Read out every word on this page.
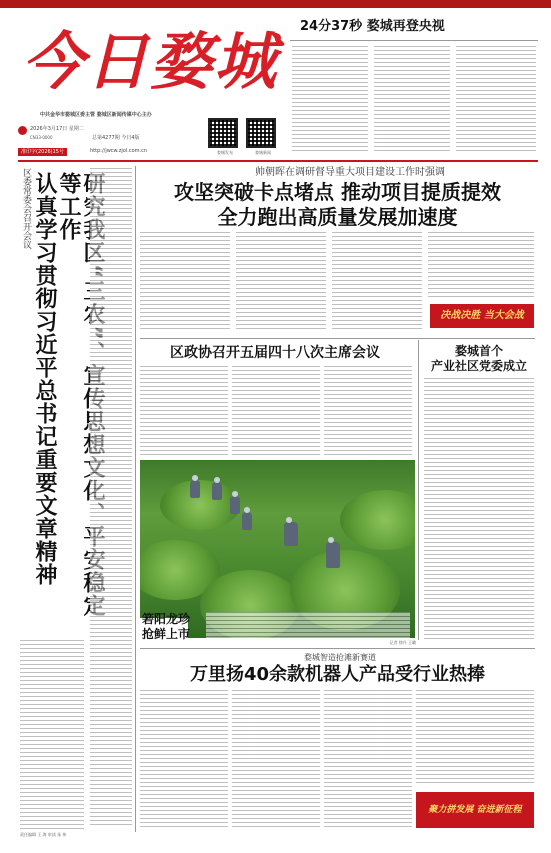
今日婺城
中共金华市婺城区委主管 婺城区新闻传媒中心主办
2026年3月17日 星期二
总第4277期 今日4版
CN33-0000
婺城发布	婺城新闻
准印字(2026)15号	http://jwcw.zjol.com.cn
24分37秒 婺城再登央视
区委常委会召开会议 等工作
认真学习贯彻习近平总书记重要文章精神
责任编辑 王 海 审读 朱 伟
帅朝晖在调研督导重大项目建设工作时强调
攻坚突破卡点堵点 推动项目提质提效
全力跑出高质量发展加速度
决战决胜 当大会战
区政协召开五届四十八次主席会议	婺城首个
产业社区党委成立
箬阳龙珍
抢鲜上市
记者 徐丹 王璐
婺城智造抢滩新赛道
万里扬40余款机器人产品受行业热捧
聚力拼发展 奋进新征程
